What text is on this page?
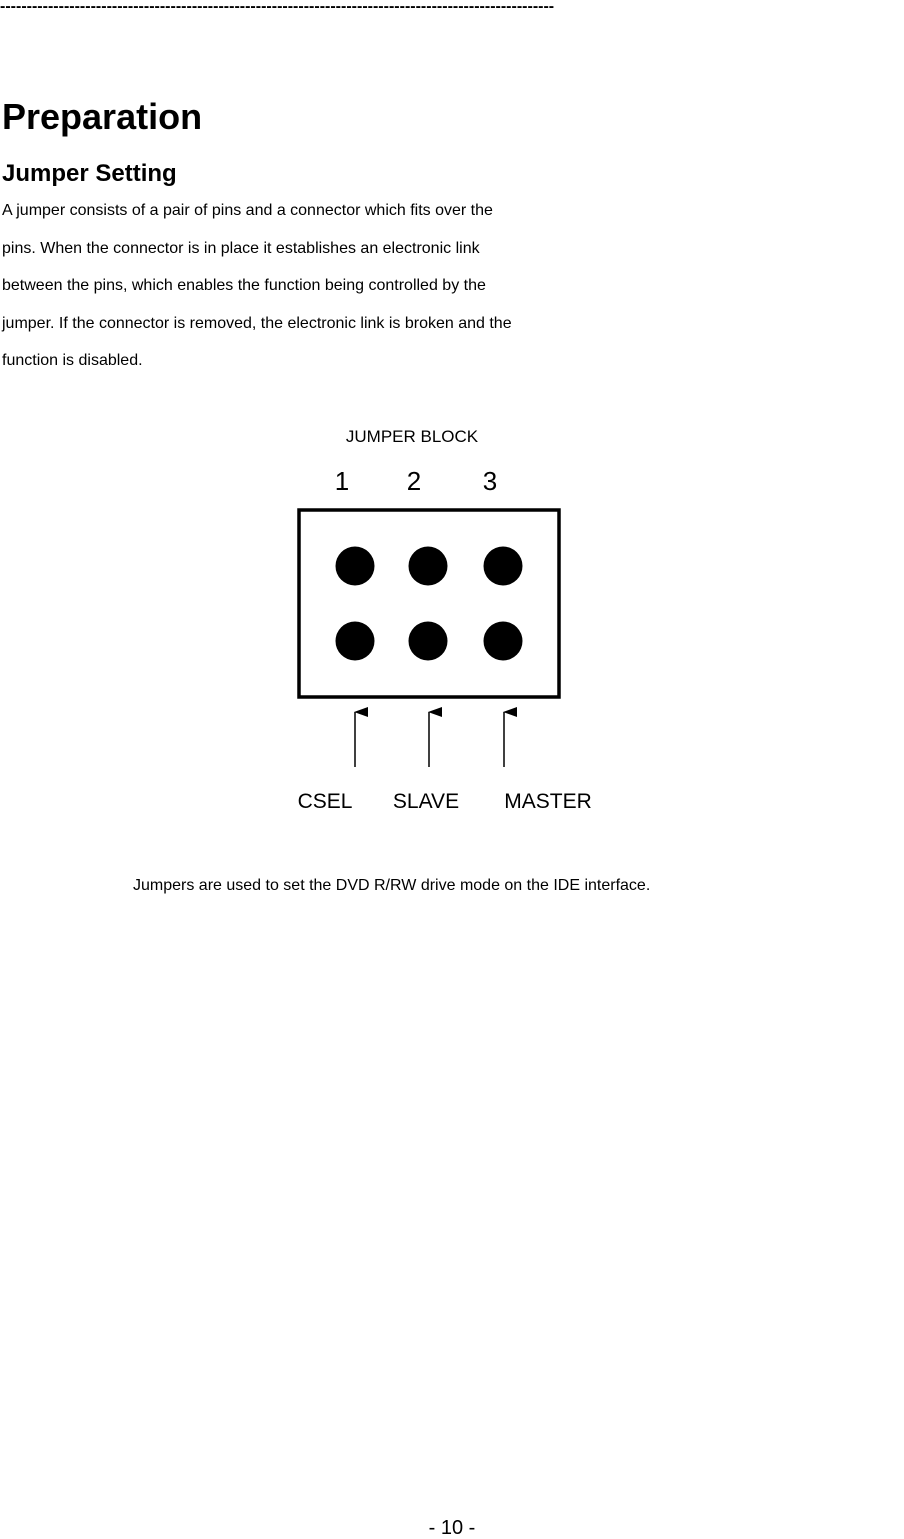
--------------------------------------------------------------------------------------------------------
Preparation
Jumper Setting
A jumper consists of a pair of pins and a connector which fits over the
pins. When the connector is in place it establishes an electronic link
between the pins, which enables the function being controlled by the
jumper. If the connector is removed, the electronic link is broken and the
function is disabled.
JUMPER BLOCK
1 2 3
CSEL SLAVE MASTER
Jumpers are used to set the DVD R/RW drive mode on the IDE interface.
- 10 -
